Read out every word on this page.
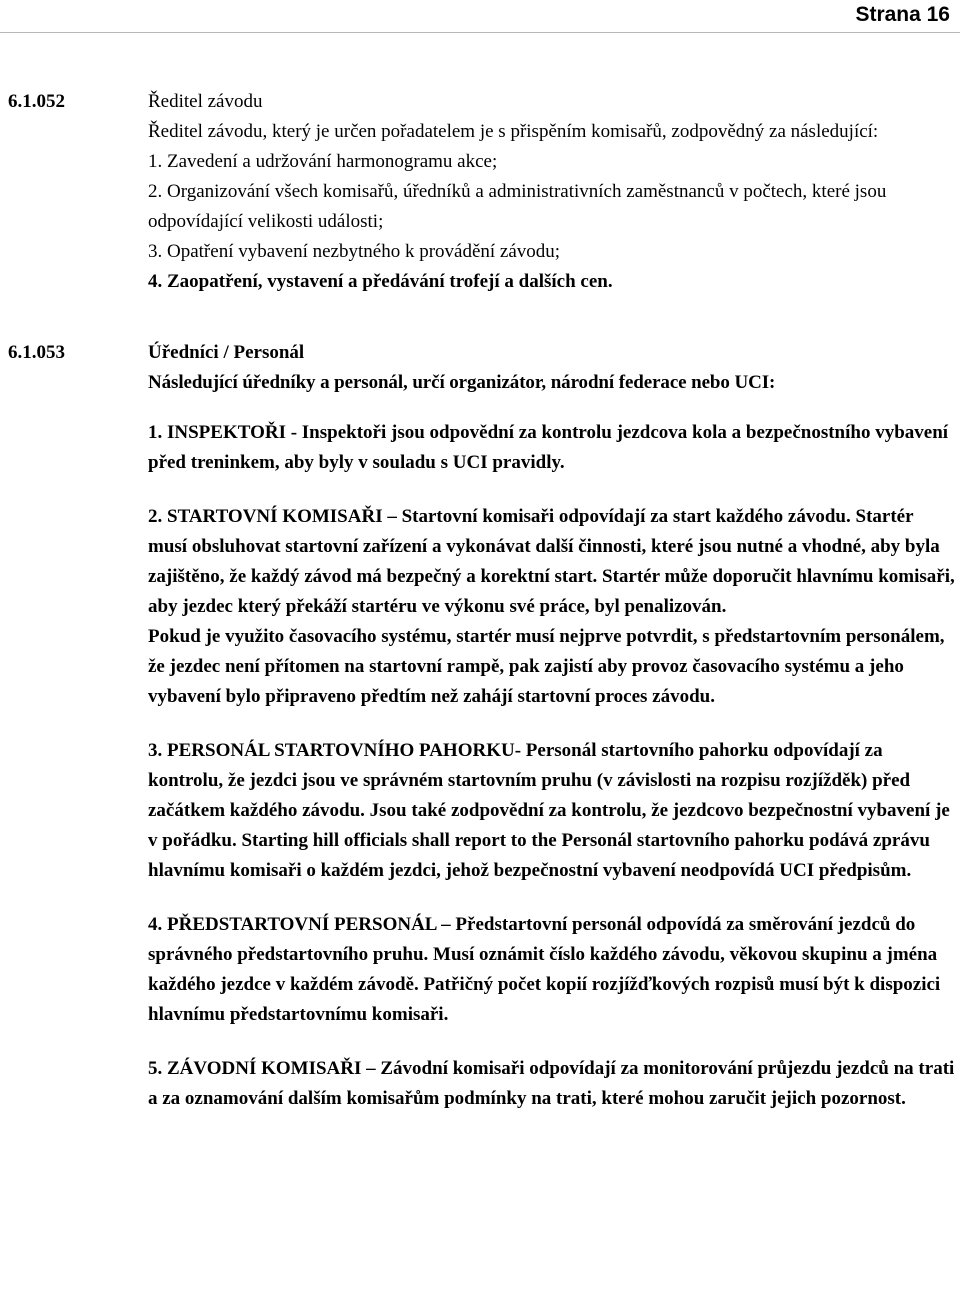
Strana 16
6.1.052	Ředitel závodu

Ředitel závodu, který je určen pořadatelem je s přispěním komisařů, zodpovědný za následující:

1. Zavedení a udržování harmonogramu akce;

2. Organizování všech komisařů, úředníků a administrativních zaměstnanců v počtech, které jsou odpovídající velikosti události;

3. Opatření vybavení nezbytného k provádění závodu;

4. Zaopatření, vystavení a předávání trofejí a dalších cen.

6.1.053	Úředníci / Personál

Následující úředníky a personál, určí organizátor, národní federace nebo UCI:

1. INSPEKTOŘI - Inspektoři jsou odpovědní za kontrolu jezdcova kola a bezpečnostního vybavení před treninkem, aby byly v souladu s UCI pravidly.

2. STARTOVNÍ KOMISAŘI – Startovní komisaři odpovídají za start každého závodu. Startér musí obsluhovat startovní zařízení a vykonávat další činnosti, které jsou nutné a vhodné, aby byla zajištěno, že každý závod má bezpečný a korektní start. Startér může doporučit hlavnímu komisaři, aby jezdec který překáží startéru ve výkonu své práce, byl penalizován.

Pokud je využito časovacího systému, startér musí nejprve potvrdit, s předstartovním personálem, že jezdec není přítomen na startovní rampě, pak zajistí aby provoz časovacího systému a jeho vybavení bylo připraveno předtím než zahájí startovní proces závodu.

3. PERSONÁL STARTOVNÍHO PAHORKU- Personál startovního pahorku odpovídají za kontrolu, že jezdci jsou ve správném startovním pruhu (v závislosti na rozpisu rozjížděk) před začátkem každého závodu. Jsou také zodpovědní za kontrolu, že jezdcovo bezpečnostní vybavení je v pořádku. Starting hill officials shall report to the Personál startovního pahorku podává zprávu hlavnímu komisaři o každém jezdci, jehož bezpečnostní vybavení neodpovídá UCI předpisům.

4. PŘEDSTARTOVNÍ PERSONÁL – Předstartovní personál odpovídá za směrování jezdců do správného předstartovního pruhu. Musí oznámit číslo každého závodu, věkovou skupinu a jména každého jezdce v každém závodě. Patřičný počet kopií rozjížďkových rozpisů musí být k dispozici hlavnímu předstartovnímu komisaři.

5. ZÁVODNÍ KOMISAŘI – Závodní komisaři odpovídají za monitorování průjezdu jezdců na trati a za oznamování dalším komisařům podmínky na trati, které mohou zaručit jejich pozornost.
